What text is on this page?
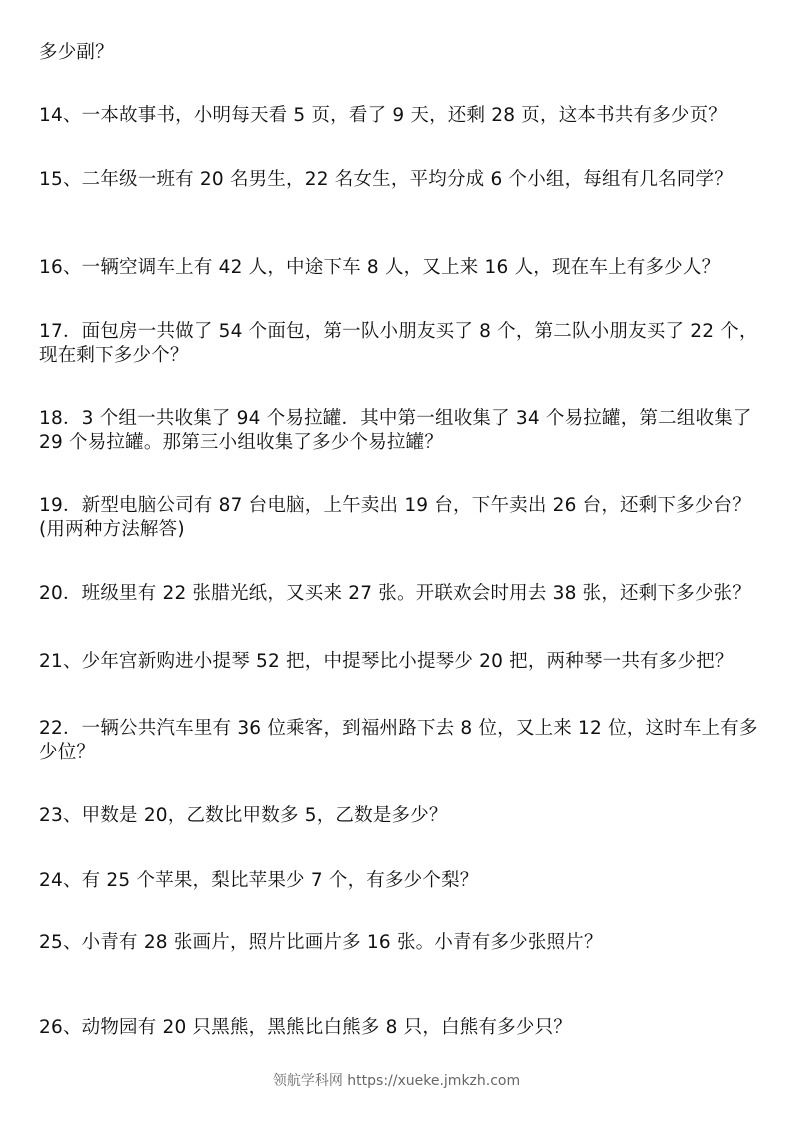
多少副？
14、一本故事书，小明每天看 5 页，看了 9 天，还剩 28 页，这本书共有多少页？
15、二年级一班有 20 名男生，22 名女生，平均分成 6 个小组，每组有几名同学？
16、一辆空调车上有 42 人，中途下车 8 人，又上来 16 人，现在车上有多少人？
17．面包房一共做了 54 个面包，第一队小朋友买了 8 个，第二队小朋友买了 22 个，现在剩下多少个？
18．3 个组一共收集了 94 个易拉罐．其中第一组收集了 34 个易拉罐，第二组收集了 29 个易拉罐。那第三小组收集了多少个易拉罐？
19．新型电脑公司有 87 台电脑，上午卖出 19 台，下午卖出 26 台，还剩下多少台？(用两种方法解答)
20．班级里有 22 张腊光纸，又买来 27 张。开联欢会时用去 38 张，还剩下多少张？
21、少年宫新购进小提琴 52 把，中提琴比小提琴少 20 把，两种琴一共有多少把？
22．一辆公共汽车里有 36 位乘客，到福州路下去 8 位，又上来 12 位，这时车上有多少位？
23、甲数是 20，乙数比甲数多 5，乙数是多少？
24、有 25 个苹果，梨比苹果少 7 个，有多少个梨？
25、小青有 28 张画片，照片比画片多 16 张。小青有多少张照片？
26、动物园有 20 只黑熊，黑熊比白熊多 8 只，白熊有多少只？
领航学科网 https://xueke.jmkzh.com
